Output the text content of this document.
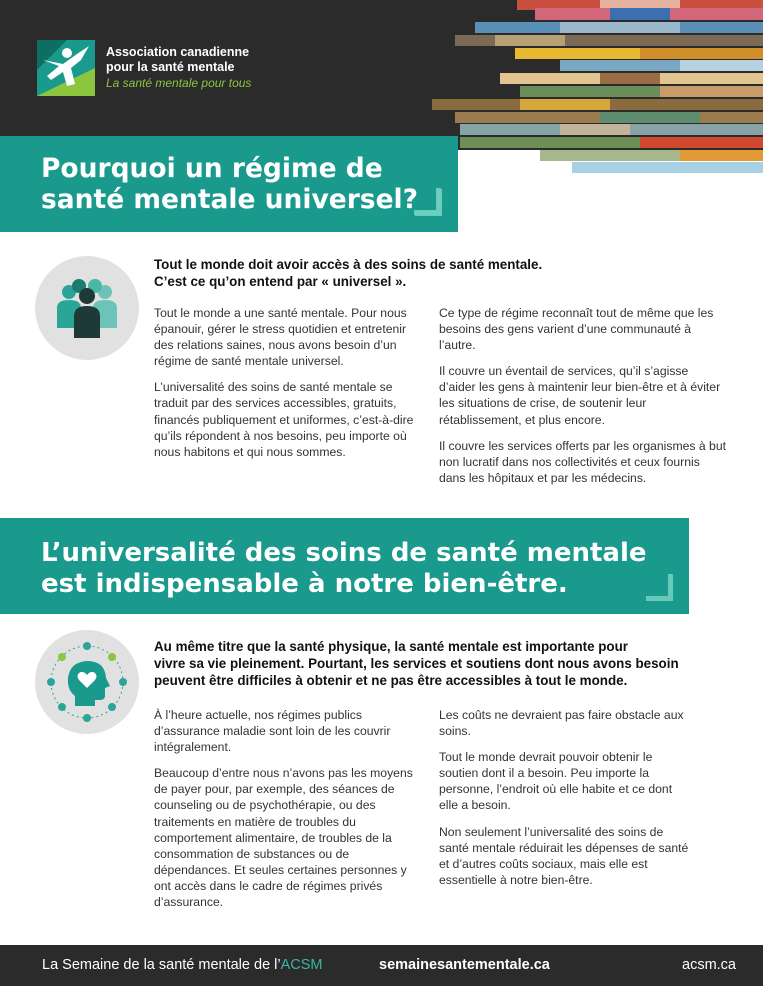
Association canadienne
pour la santé mentale
La santé mentale pour tous
Pourquoi un régime de
santé mentale universel?
Tout le monde doit avoir accès à des soins de santé mentale.
C’est ce qu’on entend par « universel ».

Tout le monde a une santé mentale. Pour nous épanouir, gérer le stress quotidien et entretenir des relations saines, nous avons besoin d’un régime de santé mentale universel.

L’universalité des soins de santé mentale se traduit par des services accessibles, gratuits, financés publiquement et uniformes, c’est-à-dire qu’ils répondent à nos besoins, peu importe où nous habitons et qui nous sommes.

Ce type de régime reconnaît tout de même que les besoins des gens varient d’une communauté à l’autre.

Il couvre un éventail de services, qu’il s’agisse d’aider les gens à maintenir leur bien-être et à éviter les situations de crise, de soutenir leur rétablissement, et plus encore.

Il couvre les services offerts par les organismes à but non lucratif dans nos collectivités et ceux fournis dans les hôpitaux et par les médecins.

L’universalité des soins de santé mentale
est indispensable à notre bien-être.
Au même titre que la santé physique, la santé mentale est importante pour
vivre sa vie pleinement. Pourtant, les services et soutiens dont nous avons besoin
peuvent être difficiles à obtenir et ne pas être accessibles à tout le monde.

À l’heure actuelle, nos régimes publics d’assurance maladie sont loin de les couvrir intégralement.

Beaucoup d’entre nous n’avons pas les moyens de payer pour, par exemple, des séances de counseling ou de psychothérapie, ou des traitements en matière de troubles du comportement alimentaire, de troubles de la consommation de substances ou de dépendances. Et seules certaines personnes y ont accès dans le cadre de régimes privés d’assurance.

Les coûts ne devraient pas faire obstacle aux soins.

Tout le monde devrait pouvoir obtenir le soutien dont il a besoin. Peu importe la personne, l’endroit où elle habite et ce dont elle a besoin.

Non seulement l’universalité des soins de santé mentale réduirait les dépenses de santé et d’autres coûts sociaux, mais elle est essentielle à notre bien-être.

La Semaine de la santé mentale de l’ACSM	semainesantementale.ca	acsm.ca
